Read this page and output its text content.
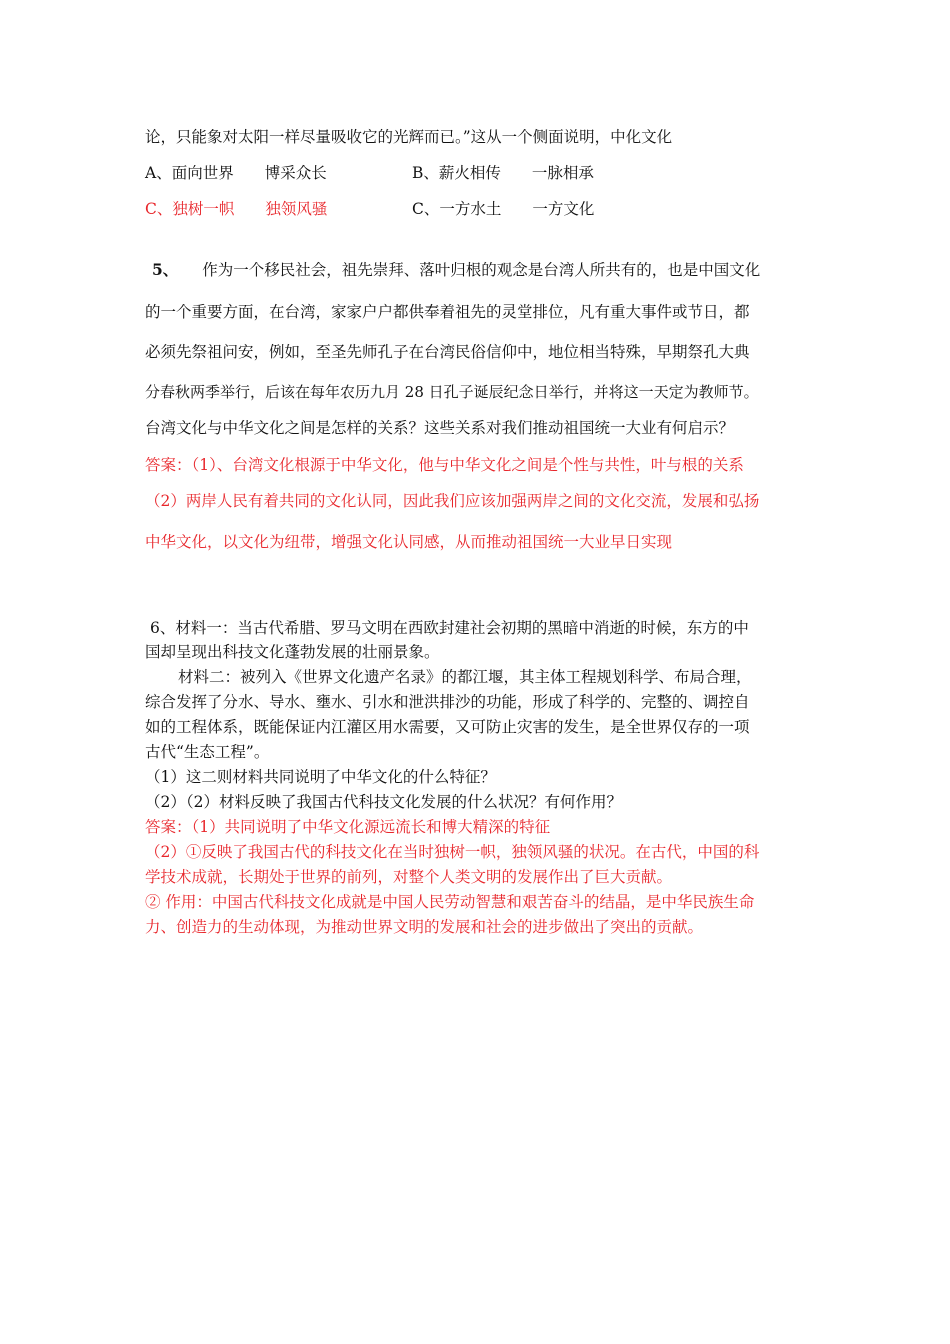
论，只能象对太阳一样尽量吸收它的光辉而已。”这从一个侧面说明，中化文化
A、面向世界　　博采众长	B、薪火相传　　一脉相承
C、独树一帜　　独领风骚	C、一方水土　　一方文化
5、 作为一个移民社会，祖先崇拜、落叶归根的观念是台湾人所共有的，也是中国文化
的一个重要方面，在台湾，家家户户都供奉着祖先的灵堂排位，凡有重大事件或节日，都
必须先祭祖问安，例如，至圣先师孔子在台湾民俗信仰中，地位相当特殊，早期祭孔大典
分春秋两季举行，后该在每年农历九月 28 日孔子诞辰纪念日举行，并将这一天定为教师节。
台湾文化与中华文化之间是怎样的关系？这些关系对我们推动祖国统一大业有何启示？
答案：（1）、台湾文化根源于中华文化，他与中华文化之间是个性与共性，叶与根的关系
（2）两岸人民有着共同的文化认同，因此我们应该加强两岸之间的文化交流，发展和弘扬
中华文化，以文化为纽带，增强文化认同感，从而推动祖国统一大业早日实现
6、材料一：当古代希腊、罗马文明在西欧封建社会初期的黑暗中消逝的时候，东方的中
国却呈现出科技文化蓬勃发展的壮丽景象。
材料二：被列入《世界文化遗产名录》的都江堰，其主体工程规划科学、布局合理，
综合发挥了分水、导水、壅水、引水和泄洪排沙的功能，形成了科学的、完整的、调控自
如的工程体系，既能保证内江灌区用水需要，又可防止灾害的发生，是全世界仅存的一项
古代“生态工程”。
（1）这二则材料共同说明了中华文化的什么特征？
（2）（2）材料反映了我国古代科技文化发展的什么状况？有何作用？
答案：（1）共同说明了中华文化源远流长和博大精深的特征
（2）①反映了我国古代的科技文化在当时独树一帜，独领风骚的状况。在古代，中国的科
学技术成就，长期处于世界的前列，对整个人类文明的发展作出了巨大贡献。
② 作用：中国古代科技文化成就是中国人民劳动智慧和艰苦奋斗的结晶，是中华民族生命
力、创造力的生动体现，为推动世界文明的发展和社会的进步做出了突出的贡献。
